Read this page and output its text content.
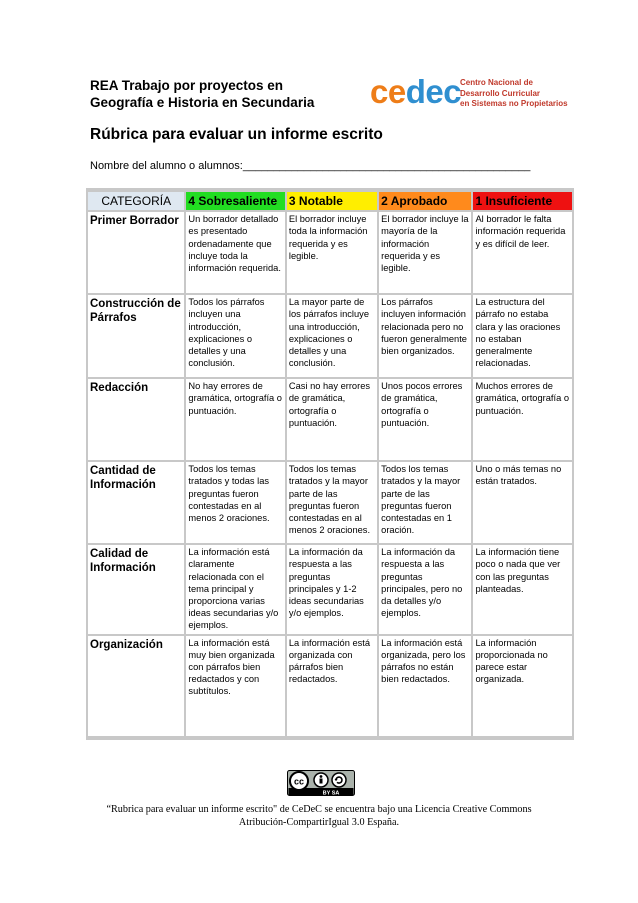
REA Trabajo por proyectos en
Geografía e Historia en Secundaria cedec
Centro Nacional de
Desarrollo Curricular
en Sistemas no Propietarios
Rúbrica para evaluar un informe escrito
Nombre del alumno o alumnos:_______________________________________________
CATEGORÍA	4 Sobresaliente	3 Notable	2 Aprobado	1 Insuficiente
Primer Borrador	Un borrador detallado es presentado ordenadamente que incluye toda la información requerida.	El borrador incluye toda la información requerida y es legible.	El borrador incluye la mayoría de la información requerida y es legible.	Al borrador le falta información requerida y es difícil de leer.
Construcción de Párrafos	Todos los párrafos incluyen una introducción, explicaciones o detalles y una conclusión.	La mayor parte de los párrafos incluye una introducción, explicaciones o detalles y una conclusión.	Los párrafos incluyen información relacionada pero no fueron generalmente bien organizados.	La estructura del párrafo no estaba clara y las oraciones no estaban generalmente relacionadas.
Redacción	No hay errores de gramática, ortografía o puntuación.	Casi no hay errores de gramática, ortografía o puntuación.	Unos pocos errores de gramática, ortografía o puntuación.	Muchos errores de gramática, ortografía o puntuación.
Cantidad de Información	Todos los temas tratados y todas las preguntas fueron contestadas en al menos 2 oraciones.	Todos los temas tratados y la mayor parte de las preguntas fueron contestadas en al menos 2 oraciones.	Todos los temas tratados y la mayor parte de las preguntas fueron contestadas en 1 oración.	Uno o más temas no están tratados.
Calidad de Información	La información está claramente relacionada con el tema principal y proporciona varias ideas secundarias y/o ejemplos.	La información da respuesta a las preguntas principales y 1-2 ideas secundarias y/o ejemplos.	La información da respuesta a las preguntas principales, pero no da detalles y/o ejemplos.	La información tiene poco o nada que ver con las preguntas planteadas.
Organización	La información está muy bien organizada con párrafos bien redactados y con subtítulos.	La información está organizada con párrafos bien redactados.	La información está organizada, pero los párrafos no están bien redactados.	La información proporcionada no parece estar organizada.
cc
BY SA
“Rubrica para evaluar un informe escrito" de CeDeC se encuentra bajo una Licencia Creative Commons
Atribución-CompartirIgual 3.0 España.
